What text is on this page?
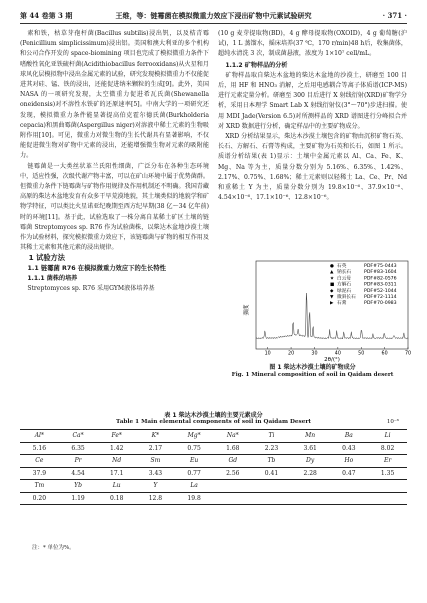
第 44 卷第 3 期	王维，等：链霉菌在模拟微重力效应下浸出矿物中元素试验研究	· 371 ·

素和铁，枯草芽孢杆菌(Bacillus subtilis)浸出钒，以及桔青霉(Penicillium simplicissimum)浸出铝。美国和澳大利亚的多个机构和公司合作开发的 space-biomining 项目也完成了模拟微重力条件下嗜酸性氧化亚铁硫杆菌(Acidithiobacillus ferrooxidans)从火星和月球风化层模拟物中浸出金属元素的试验，研究发现模拟微重力不仅能促进其对硅、锰、铁的浸出，还能促进纳米颗粒的生成[9]。此外，美国 NASA 的一项研究发现，太空微重力促进希瓦氏菌(Shewanella oneidensis)对不溶性水铁矿的还原速率[5]。中南大学的一项研究还发现，模拟微重力条件能显著提高伯克霍尔德氏菌(Burkholderia cepacia)和黑曲霉菌(Aspergillus niger)对溶液中稀土元素的生物吸附作用[10]。可见，微重力对微生物的生长代谢具有显著影响，不仅能促进微生物对矿物中元素的浸出，还能增强微生物对元素的吸附能力。

链霉菌是一大类丝状革兰氏阳性细菌，广泛分布在各种生态环境中，适应性强，次级代谢产物丰富，可以在矿山环境中属于优势菌群。但微重力条件下链霉菌与矿物作用规律及作用机制还不明确。我国青藏高原的柴达木盆地发育有众多干旱荒漠地貌，其土壤类似的地貌学和矿物学特征，可以类比火星诺亚纪晚期至西方纪早期(38 亿～34 亿年前)时的环境[11]。基于此，试验选取了一株分离自某稀土矿区土壤的链霉菌 Streptomyces sp. R76 作为试验菌株，以柴达木盆地沙漠土壤作为试验材料，探究模拟微重力效应下，该链霉菌与矿物的相互作用及其稀土元素和其他元素的浸出规律。

1 试验方法

1.1 链霉菌 R76 在模拟微重力效应下的生长特性

1.1.1 菌株的培养

Streptomyces sp. R76 采用GYM液体培养基

(10 g 麦芽提取物(BD)，4 g 酵母提取物(OXOID)，4 g 葡萄糖(沪试)，1 L 蒸馏水，摇床培养(37 ℃，170 r/min)48 h后，收集菌体，超纯水清洗 3 次，制成菌悬液，浓度为 1×10⁷ cell/mL。

1.1.2 矿物样品的分析

矿物样品取自柴达木盆地的柴达木盆地的沙漠土，研磨至 100 目后，用 HF 和 HNO₃ 消解，之后用电感耦合等离子体质谱(ICP-MS)进行元素定量分析。研磨至 300 目后进行 X 射线衍射(XRD)矿物学分析，采用日本理学 Smart Lab X 射线衍射仪(3°～70°)步进扫描。使用 MDI Jade(Version 6.5)对所测样品的 XRD 谱图进行分峰拟合并对 XRD 数据进行分析，确定样品中的主要矿物成分。

XRD 分析结果显示，柴达木沙漠土壤包含的矿物由沉积矿物石英、长石、方解石、石膏等构成，主要矿物为石英和长石，如图 1 所示。质谱分析结果(表 1)显示：土壤中金属元素以 Al、Ca、Fe、K、Mg、Na 等为主，质量分数分别为 5.16%、6.35%、1.42%、2.17%、0.75%、1.68%；稀土元素则以轻稀土 La、Ce、Pr、Nd 和重稀土 Y 为主，质量分数分别为 19.8×10⁻⁶、37.9×10⁻⁶、4.54×10⁻⁶、17.1×10⁻⁶、12.8×10⁻⁶。

强度
2θ/(°)
10	20	30	40	50	60	70
● 石英	PDF#75-0443
▲ 钠长石	PDF#83-1604
★ 白云母	PDF#82-0576
■ 方解石	PDF#83-0311
◆ 绿泥石	PDF#52-1044
▼ 微斜长石 PDF#72-1114
▶ 石膏	PDF#70-0983
图 1 柴达木沙漠土壤的矿物成分
Fig. 1 Mineral composition of soil in Qaidam desert
表 1 柴达木沙漠土壤的主要元素成分
Table 1 Main elemental components of soil in Qaidam Desert	10⁻⁶
Al*	Ca*	Fe*	K*	Mg*	Na*	Ti	Mn	Ba	Li
5.16	6.35	1.42	2.17	0.75	1.68	2.23	3.61	0.43	8.02
Ce	Pr	Nd	Sm	Eu	Gd	Tb	Dy	Ho	Er
37.9	4.54	17.1	3.43	0.77	2.56	0.41	2.28	0.47	1.35
Tm	Yb	Lu	Y	La					
0.20	1.19	0.18	12.8	19.8					
注：* 单位为%。
